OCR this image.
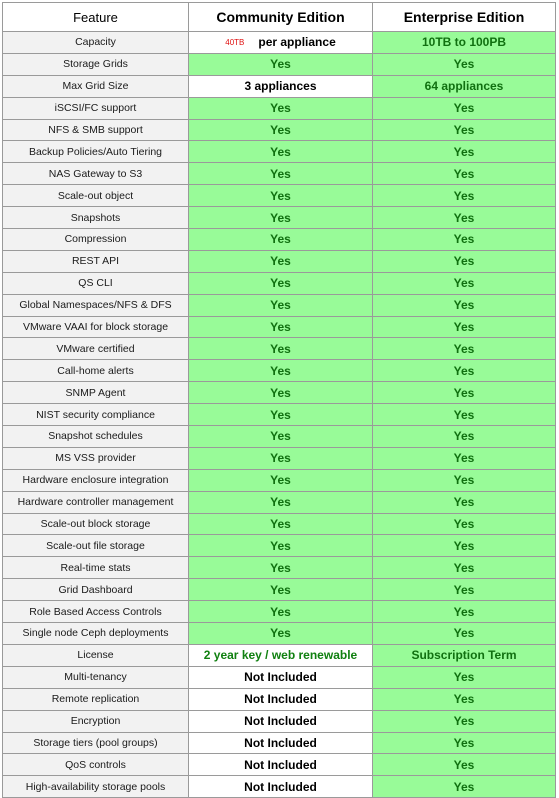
Feature	Community Edition	Enterprise Edition
Capacity	40TB per appliance	10TB to 100PB
Storage Grids	Yes	Yes
Max Grid Size	3 appliances	64 appliances
iSCSI/FC support	Yes	Yes
NFS & SMB support	Yes	Yes
Backup Policies/Auto Tiering	Yes	Yes
NAS Gateway to S3	Yes	Yes
Scale-out object	Yes	Yes
Snapshots	Yes	Yes
Compression	Yes	Yes
REST API	Yes	Yes
QS CLI	Yes	Yes
Global Namespaces/NFS & DFS	Yes	Yes
VMware VAAI for block storage	Yes	Yes
VMware certified	Yes	Yes
Call-home alerts	Yes	Yes
SNMP Agent	Yes	Yes
NIST security compliance	Yes	Yes
Snapshot schedules	Yes	Yes
MS VSS provider	Yes	Yes
Hardware enclosure integration	Yes	Yes
Hardware controller management	Yes	Yes
Scale-out block storage	Yes	Yes
Scale-out file storage	Yes	Yes
Real-time stats	Yes	Yes
Grid Dashboard	Yes	Yes
Role Based Access Controls	Yes	Yes
Single node Ceph deployments	Yes	Yes
License	2 year key / web renewable	Subscription Term
Multi-tenancy	Not Included	Yes
Remote replication	Not Included	Yes
Encryption	Not Included	Yes
Storage tiers (pool groups)	Not Included	Yes
QoS controls	Not Included	Yes
High-availability storage pools	Not Included	Yes
